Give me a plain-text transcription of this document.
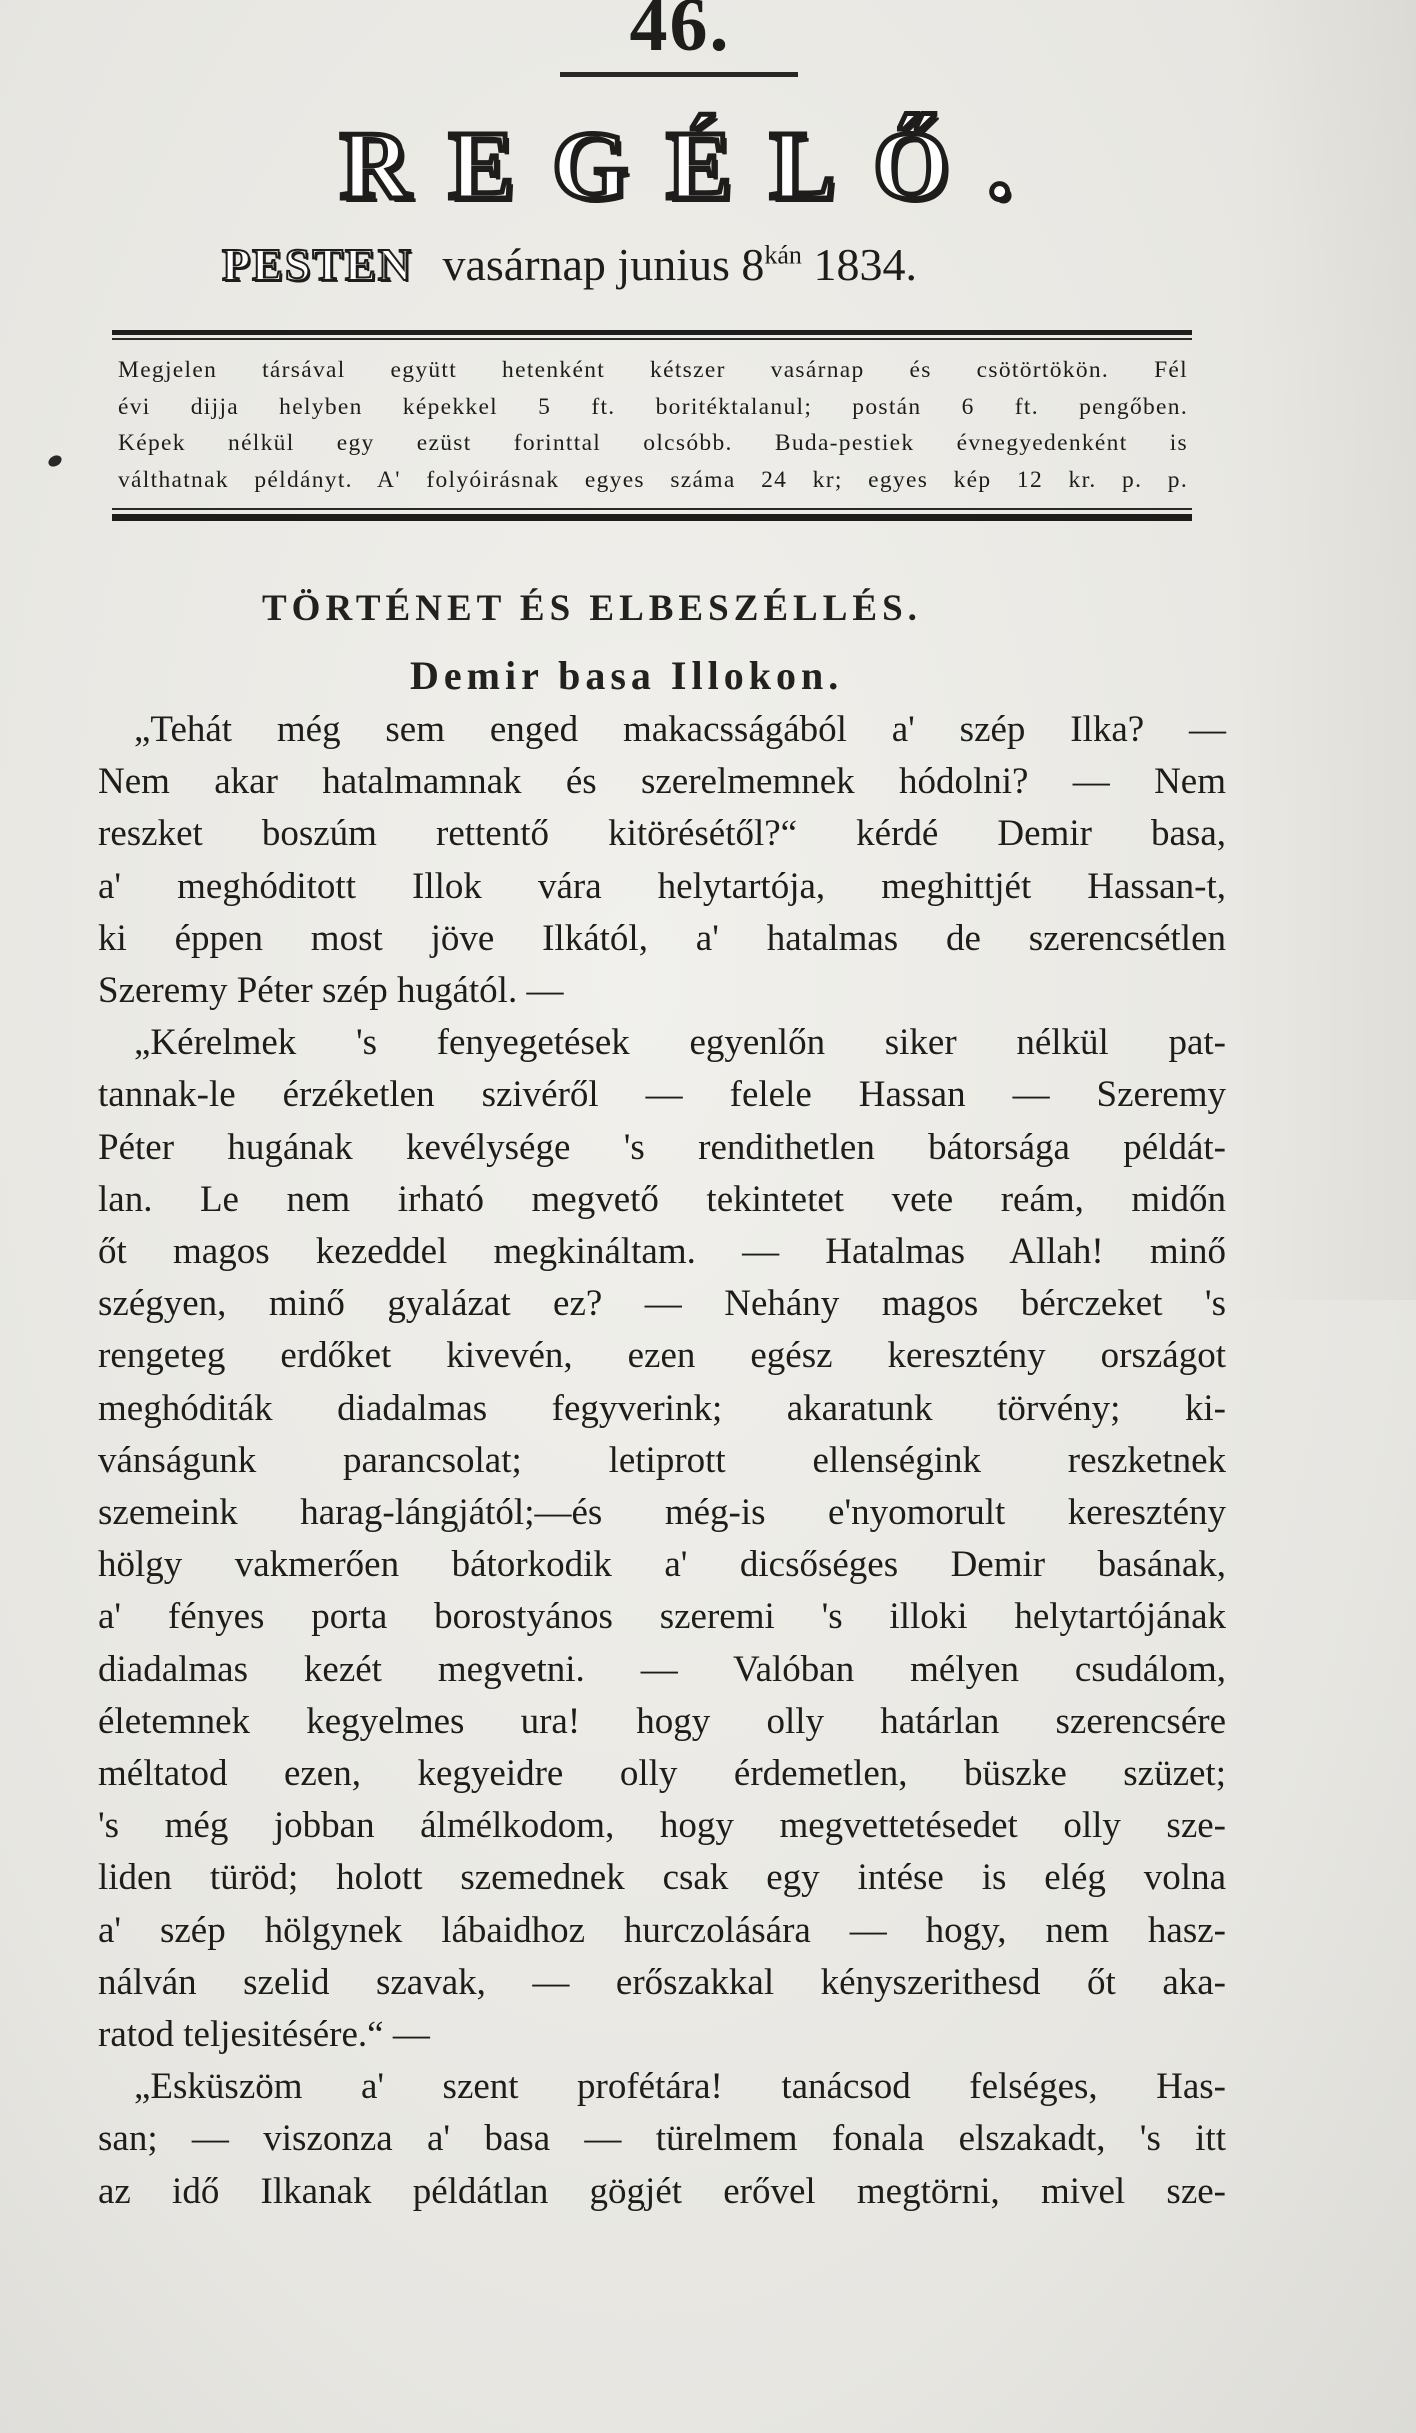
46.
REGÉLŐ.
PESTEN vasárnap junius $8^{kán}$ 1834.
Megjelen társával együtt hetenként kétszer vasárnap és csötörtökön. Fél
évi dijja helyben képekkel 5 ft. boritéktalanul; postán 6 ft. pengőben.
Képek nélkül egy ezüst forinttal olcsóbb. Buda-pestiek évnegyedenként is
válthatnak példányt. A' folyóirásnak egyes száma 24 kr; egyes kép 12 kr. p. p.
TÖRTÉNET ÉS ELBESZÉLLÉS.
Demir basa Illokon.
„Tehát még sem enged makacsságából a' szép Ilka? —
Nem akar hatalmamnak és szerelmemnek hódolni? — Nem
reszket boszúm rettentő kitörésétől?“ kérdé Demir basa,
a' meghóditott Illok vára helytartója, meghittjét Hassan-t,
ki éppen most jöve Ilkától, a' hatalmas de szerencsétlen
Szeremy Péter szép hugától. —
„Kérelmek 's fenyegetések egyenlőn siker nélkül pat-
tannak-le érzéketlen szivéről — felele Hassan — Szeremy
Péter hugának kevélysége 's rendithetlen bátorsága példát-
lan. Le nem irható megvető tekintetet vete reám, midőn
őt magos kezeddel megkináltam. — Hatalmas Allah! minő
szégyen, minő gyalázat ez? — Nehány magos bérczeket 's
rengeteg erdőket kivevén, ezen egész keresztény országot
meghóditák diadalmas fegyverink; akaratunk törvény; ki-
vánságunk parancsolat; letiprott ellenségink reszketnek
szemeink harag-lángjától;—és még-is e'nyomorult keresztény
hölgy vakmerően bátorkodik a' dicsőséges Demir basának,
a' fényes porta borostyános szeremi 's illoki helytartójának
diadalmas kezét megvetni. — Valóban mélyen csudálom,
életemnek kegyelmes ura! hogy olly határlan szerencsére
méltatod ezen, kegyeidre olly érdemetlen, büszke szüzet;
's még jobban álmélkodom, hogy megvettetésedet olly sze-
liden türöd; holott szemednek csak egy intése is elég volna
a' szép hölgynek lábaidhoz hurczolására — hogy, nem hasz-
nálván szelid szavak, — erőszakkal kényszerithesd őt aka-
ratod teljesitésére.“ —
„Esküszöm a' szent profétára! tanácsod felséges, Has-
san; — viszonza a' basa — türelmem fonala elszakadt, 's itt
az idő Ilkanak példátlan gögjét erővel megtörni, mivel sze-
